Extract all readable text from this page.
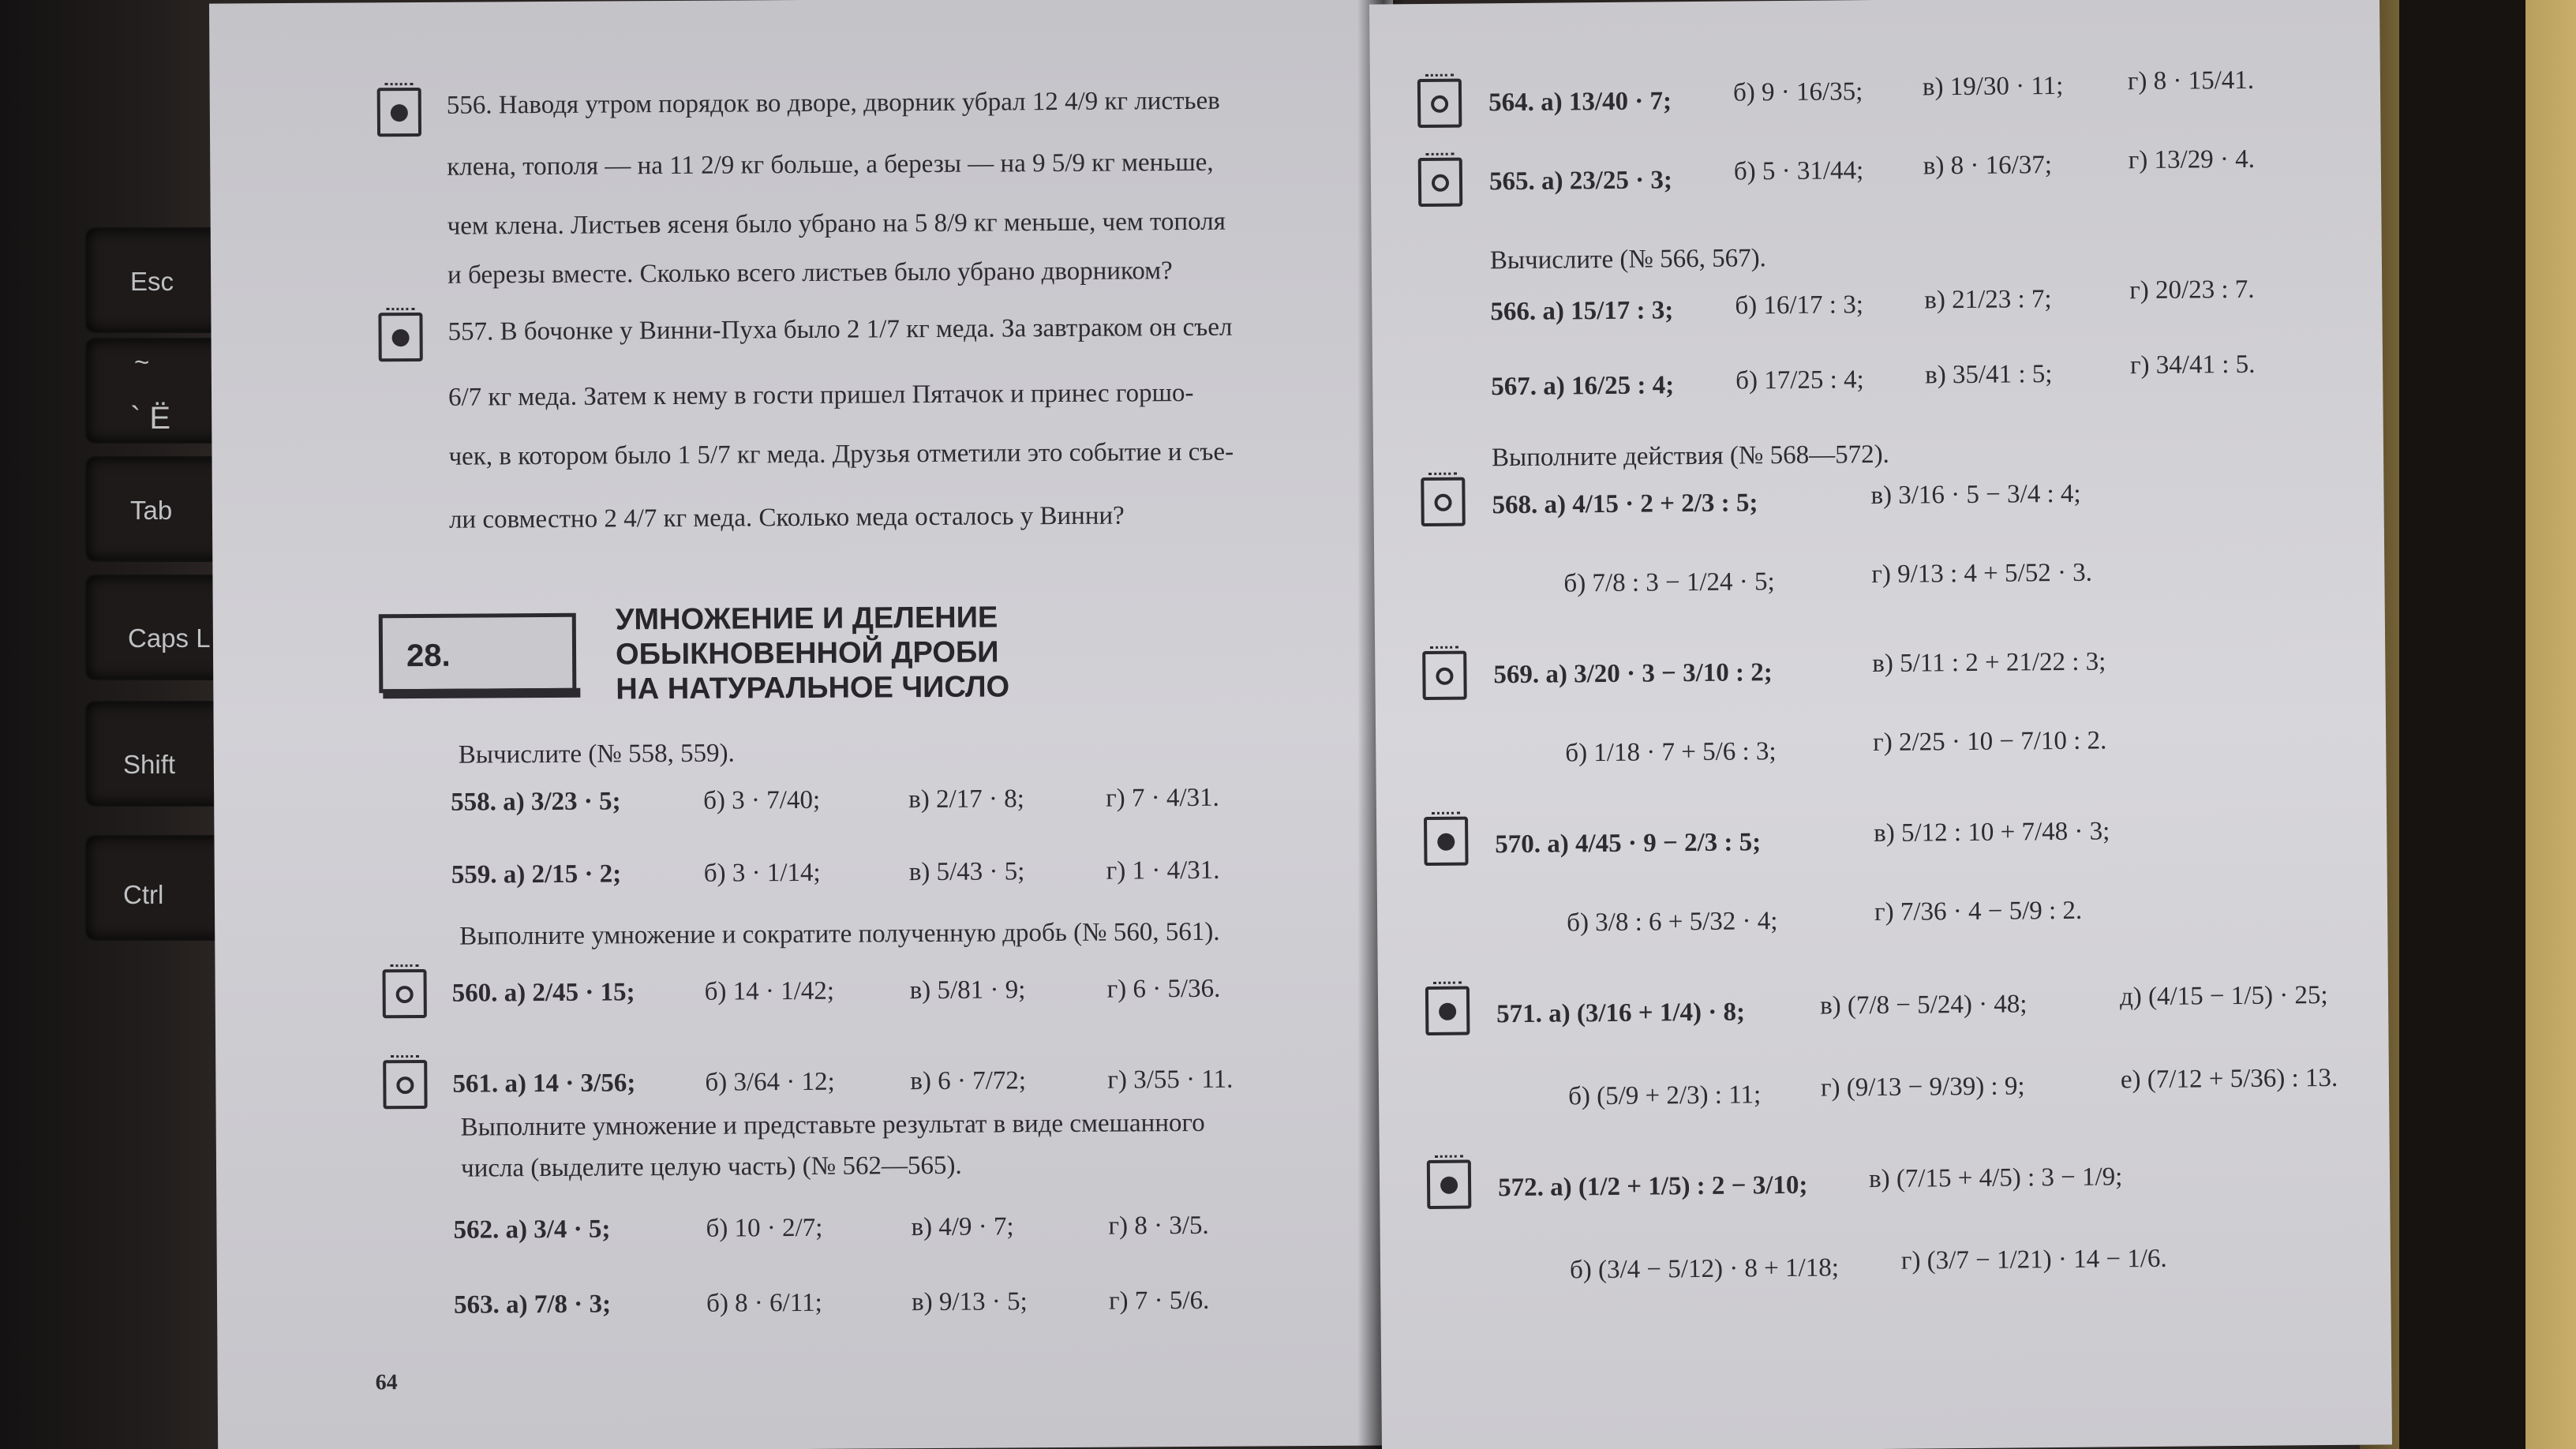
Esc
~
` Ё
Tab
Caps L
Shift
Ctrl
556. Наводя утром порядок во дворе, дворник убрал 12 4/9 кг листьев
клена, тополя — на 11 2/9 кг больше, а березы — на 9 5/9 кг меньше,
чем клена. Листьев ясеня было убрано на 5 8/9 кг меньше, чем тополя
и березы вместе. Сколько всего листьев было убрано дворником?
557. В бочонке у Винни-Пуха было 2 1/7 кг меда. За завтраком он съел
6/7 кг меда. Затем к нему в гости пришел Пятачок и принес горшо-
чек, в котором было 1 5/7 кг меда. Друзья отметили это событие и съе-
ли совместно 2 4/7 кг меда. Сколько меда осталось у Винни?
28.
УМНОЖЕНИЕ И ДЕЛЕНИЕ
ОБЫКНОВЕННОЙ ДРОБИ
НА НАТУРАЛЬНОЕ ЧИСЛО
Вычислите (№ 558, 559).
558. а) 3/23 · 5;	б) 3 · 7/40;	в) 2/17 · 8;	г) 7 · 4/31.
559. а) 2/15 · 2;	б) 3 · 1/14;	в) 5/43 · 5;	г) 1 · 4/31.
Выполните умножение и сократите полученную дробь (№ 560, 561).
560. а) 2/45 · 15;	б) 14 · 1/42;	в) 5/81 · 9;	г) 6 · 5/36.
561. а) 14 · 3/56;	б) 3/64 · 12;	в) 6 · 7/72;	г) 3/55 · 11.
Выполните умножение и представьте результат в виде смешанного
числа (выделите целую часть) (№ 562—565).
562. а) 3/4 · 5;	б) 10 · 2/7;	в) 4/9 · 7;	г) 8 · 3/5.
563. а) 7/8 · 3;	б) 8 · 6/11;	в) 9/13 · 5;	г) 7 · 5/6.
64
564. а) 13/40 · 7; б) 9 · 16/35; в) 19/30 · 11; г) 8 · 15/41.
565. а) 23/25 · 3; б) 5 · 31/44; в) 8 · 16/37;	г) 13/29 · 4.
Вычислите (№ 566, 567).
566. а) 15/17 : 3; б) 16/17 : 3; в) 21/23 : 7;	г) 20/23 : 7.
567. а) 16/25 : 4; б) 17/25 : 4; в) 35/41 : 5;	г) 34/41 : 5.
Выполните действия (№ 568—572).
568. а) 4/15 · 2 + 2/3 : 5;	в) 3/16 · 5 − 3/4 : 4;
б) 7/8 : 3 − 1/24 · 5;	г) 9/13 : 4 + 5/52 · 3.
569. а) 3/20 · 3 − 3/10 : 2;	в) 5/11 : 2 + 21/22 : 3;
б) 1/18 · 7 + 5/6 : 3;	г) 2/25 · 10 − 7/10 : 2.
570. а) 4/45 · 9 − 2/3 : 5;	в) 5/12 : 10 + 7/48 · 3;
б) 3/8 : 6 + 5/32 · 4;	г) 7/36 · 4 − 5/9 : 2.
571. а) (3/16 + 1/4) · 8;	в) (7/8 − 5/24) · 48;	д) (4/15 − 1/5) · 25;
б) (5/9 + 2/3) : 11; г) (9/13 − 9/39) : 9;	е) (7/12 + 5/36) : 13.
572. а) (1/2 + 1/5) : 2 − 3/10; в) (7/15 + 4/5) : 3 − 1/9;
б) (3/4 − 5/12) · 8 + 1/18; г) (3/7 − 1/21) · 14 − 1/6.
